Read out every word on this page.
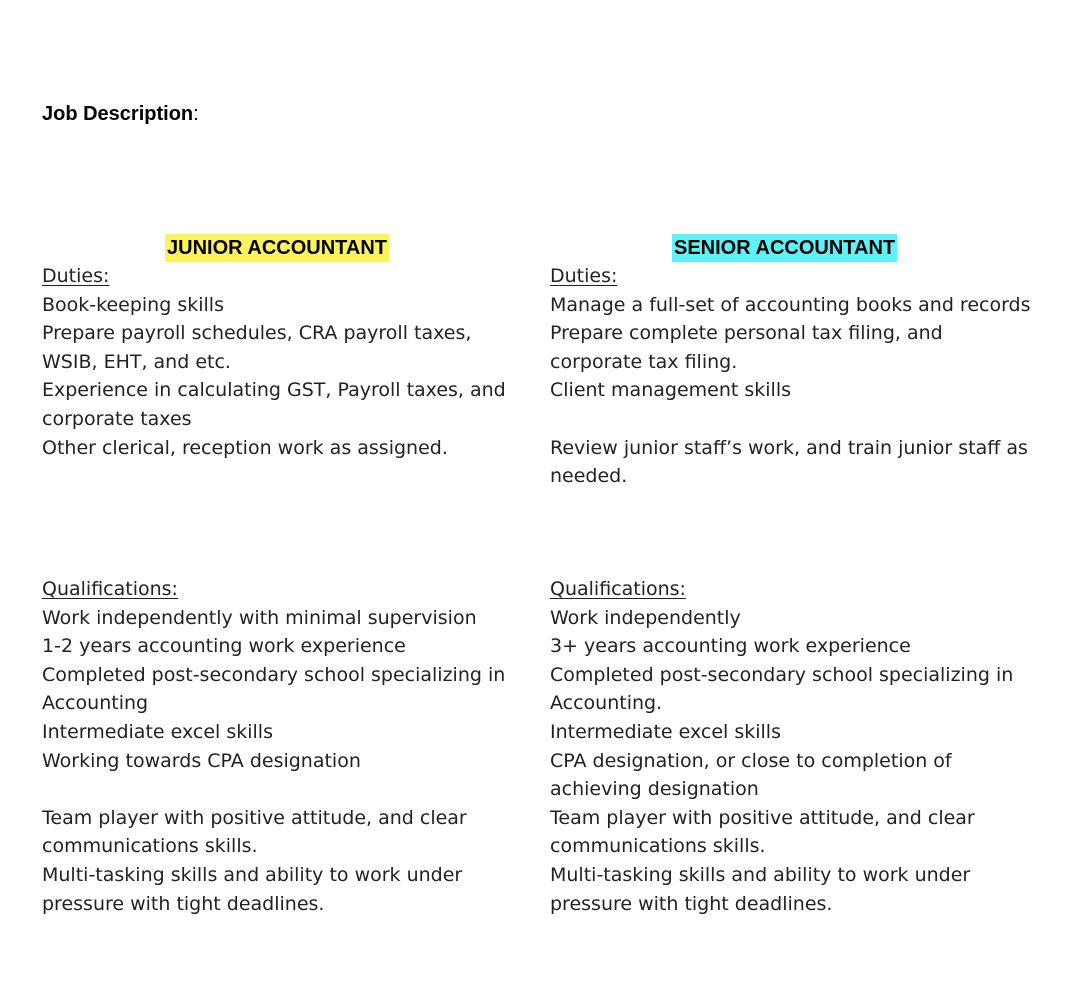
Job Description:
JUNIOR ACCOUNTANT	SENIOR ACCOUNTANT
Duties:
Book-keeping skills
Prepare payroll schedules, CRA payroll taxes,
WSIB, EHT, and etc.
Experience in calculating GST, Payroll taxes, and
corporate taxes
Other clerical, reception work as assigned.
Duties:
Manage a full-set of accounting books and records
Prepare complete personal tax filing, and
corporate tax filing.
Client management skills
Review junior staff’s work, and train junior staff as
needed.
Qualifications:
Work independently with minimal supervision
1-2 years accounting work experience
Completed post-secondary school specializing in
Accounting
Intermediate excel skills
Working towards CPA designation
Team player with positive attitude, and clear
communications skills.
Multi-tasking skills and ability to work under
pressure with tight deadlines.
Qualifications:
Work independently
3+ years accounting work experience
Completed post-secondary school specializing in
Accounting.
Intermediate excel skills
CPA designation, or close to completion of
achieving designation
Team player with positive attitude, and clear
communications skills.
Multi-tasking skills and ability to work under
pressure with tight deadlines.
